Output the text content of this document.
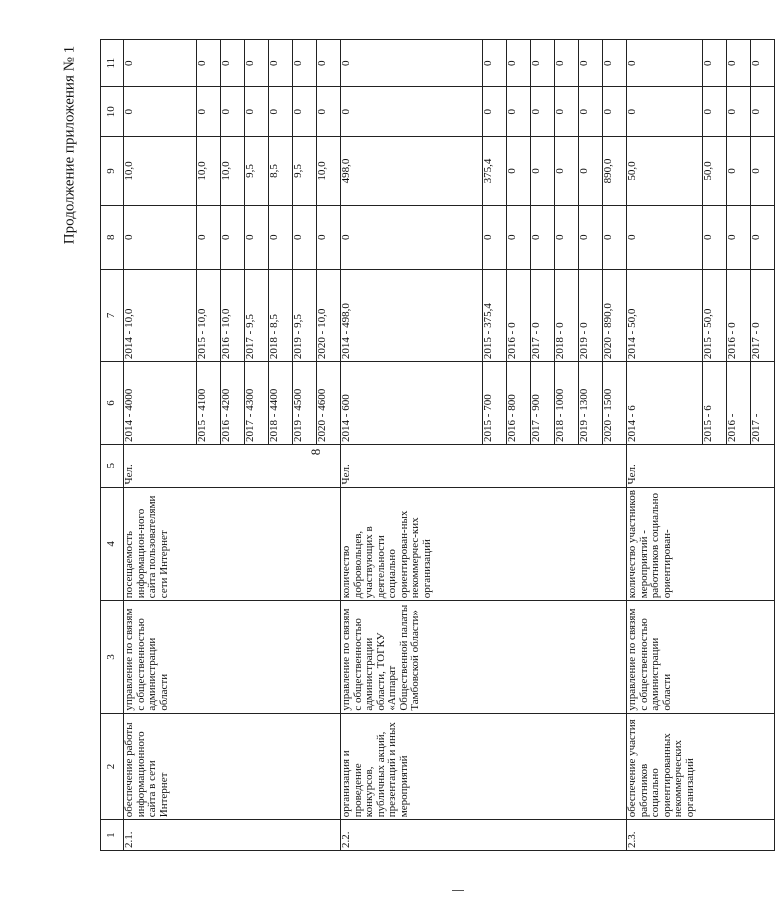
8
Продолжение приложения № 1
1	2	3	4	5	6	7	8	9	10	11
2.1.	обеспечение работы информационного сайта в сети Интернет	управление по связям с общественностью администрации области	посещаемость информацион-ного сайта пользователями сети Интернет	Чел.	2014 - 4000	2014 - 10,0	0	10,0	0	0
					2015 - 4100	2015 - 10,0	0	10,0	0	0
					2016 - 4200	2016 - 10,0	0	10,0	0	0
					2017 - 4300	2017 - 9,5	0	9,5	0	0
					2018 - 4400	2018 - 8,5	0	8,5	0	0
					2019 - 4500	2019 - 9,5	0	9,5	0	0
					2020 - 4600	2020 - 10,0	0	10,0	0	0
2.2.	организация и проведение конкурсов, публичных акций, презентаций и иных мероприятий	управление по связям с общественностью администрации области, ТОГКУ «Аппарат Общественной палаты Тамбовской области»	количество добровольцев, участвующих в деятельности социально ориентирован-ных некоммерчес-ких организаций	Чел.	2014 - 600	2014 - 498,0	0	498,0	0	0
					2015 - 700	2015 - 375,4	0	375,4	0	0
					2016 - 800	2016 - 0	0	0	0	0
					2017 - 900	2017 - 0	0	0	0	0
					2018 - 1000	2018 - 0	0	0	0	0
					2019 - 1300	2019 - 0	0	0	0	0
					2020 - 1500	2020 - 890,0	0	890,0	0	0
2.3.	обеспечение участия работников социально ориентированных некоммерческих организаций	управление по связям с общественностью администрации области	количество участников мероприятий - работников социально ориентирован-	Чел.	2014 - 6	2014 - 50,0	0	50,0	0	0
					2015 - 6	2015 - 50,0	0	50,0	0	0
					2016 -	2016 - 0	0	0	0	0
					2017 -	2017 - 0	0	0	0	0
